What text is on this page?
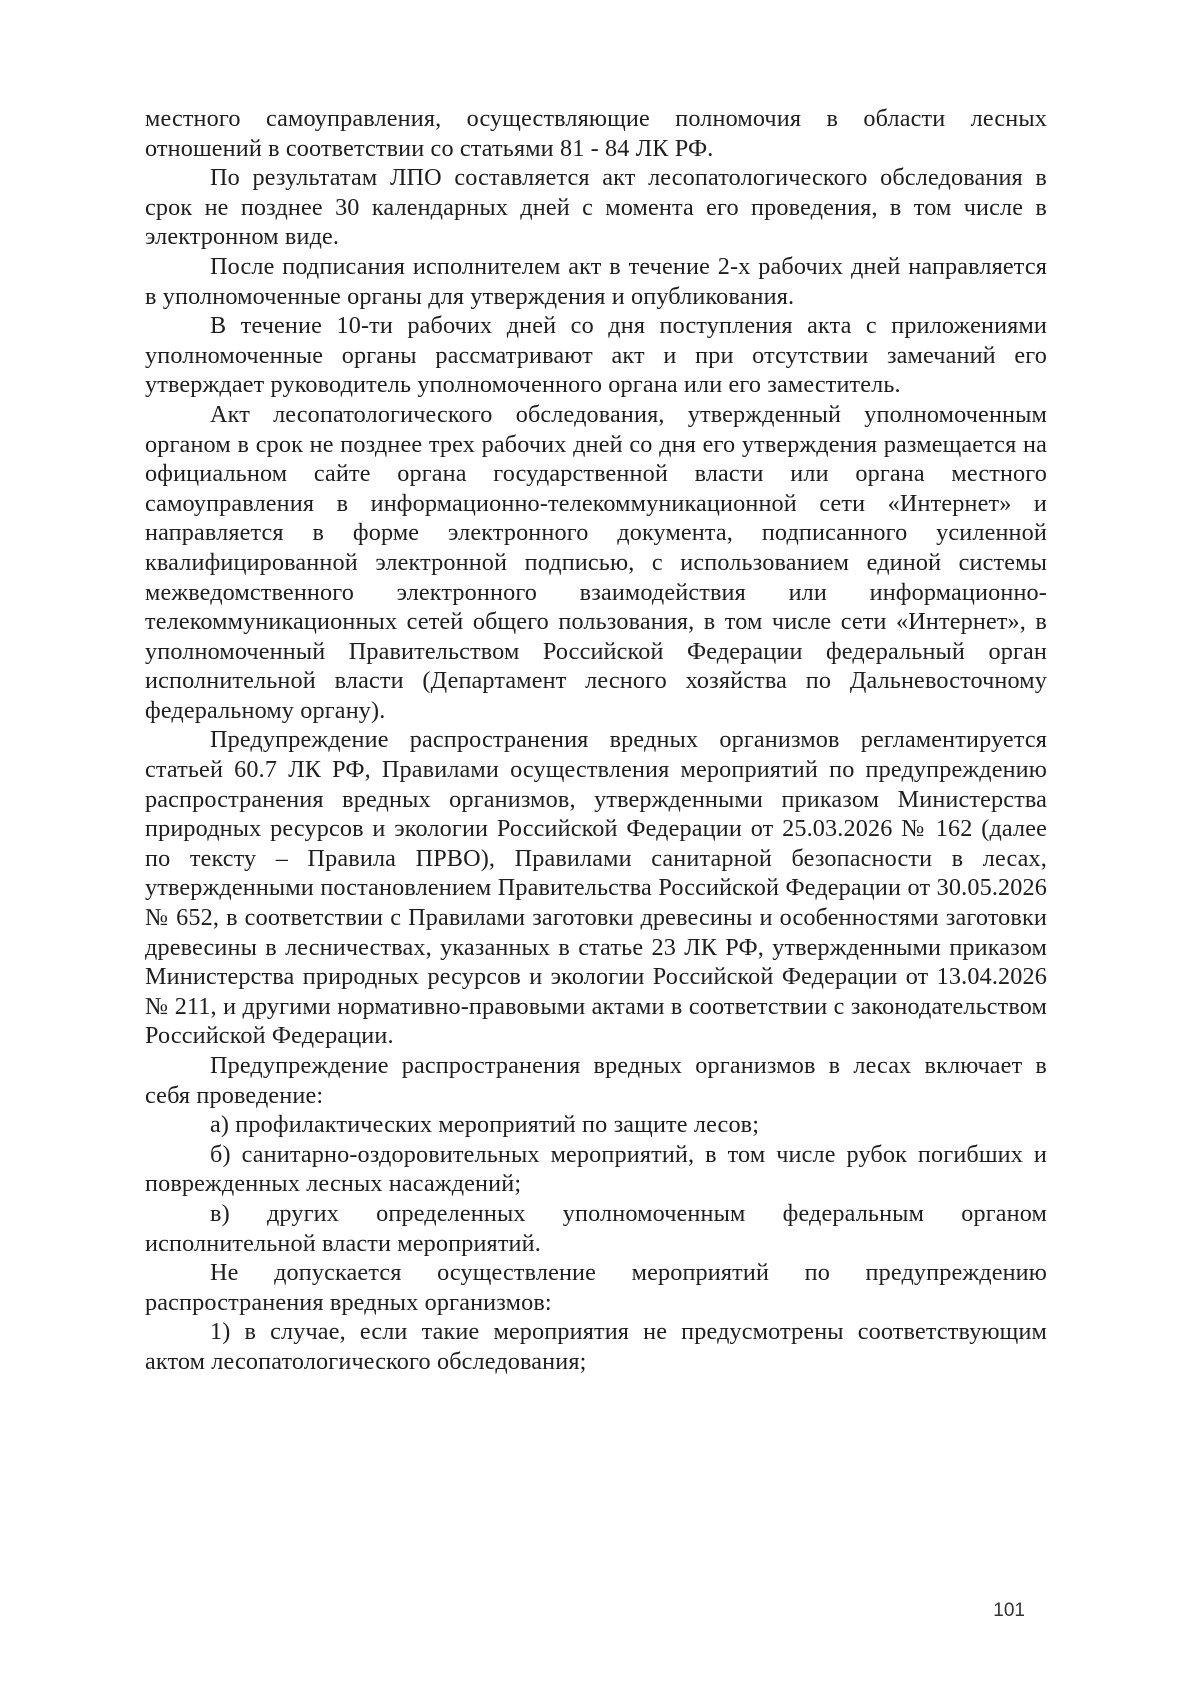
местного самоуправления, осуществляющие полномочия в области лесных отношений в соответствии со статьями 81 - 84 ЛК РФ.

По результатам ЛПО составляется акт лесопатологического обследования в срок не позднее 30 календарных дней с момента его проведения, в том числе в электронном виде.

После подписания исполнителем акт в течение 2-х рабочих дней направляется в уполномоченные органы для утверждения и опубликования.

В течение 10-ти рабочих дней со дня поступления акта с приложениями уполномоченные органы рассматривают акт и при отсутствии замечаний его утверждает руководитель уполномоченного органа или его заместитель.

Акт лесопатологического обследования, утвержденный уполномоченным органом в срок не позднее трех рабочих дней со дня его утверждения размещается на официальном сайте органа государственной власти или органа местного самоуправления в информационно-телекоммуникационной сети «Интернет» и направляется в форме электронного документа, подписанного усиленной квалифицированной электронной подписью, с использованием единой системы межведомственного электронного взаимодействия или информационно-телекоммуникационных сетей общего пользования, в том числе сети «Интернет», в уполномоченный Правительством Российской Федерации федеральный орган исполнительной власти (Департамент лесного хозяйства по Дальневосточному федеральному органу).

Предупреждение распространения вредных организмов регламентируется статьей 60.7 ЛК РФ, Правилами осуществления мероприятий по предупреждению распространения вредных организмов, утвержденными приказом Министерства природных ресурсов и экологии Российской Федерации от 25.03.2026 № 162 (далее по тексту – Правила ПРВО), Правилами санитарной безопасности в лесах, утвержденными постановлением Правительства Российской Федерации от 30.05.2026 № 652, в соответствии с Правилами заготовки древесины и особенностями заготовки древесины в лесничествах, указанных в статье 23 ЛК РФ, утвержденными приказом Министерства природных ресурсов и экологии Российской Федерации от 13.04.2026 № 211, и другими нормативно-правовыми актами в соответствии с законодательством Российской Федерации.

Предупреждение распространения вредных организмов в лесах включает в себя проведение:

а) профилактических мероприятий по защите лесов;

б) санитарно-оздоровительных мероприятий, в том числе рубок погибших и поврежденных лесных насаждений;

в) других определенных уполномоченным федеральным органом исполнительной власти мероприятий.

Не допускается осуществление мероприятий по предупреждению распространения вредных организмов:

1) в случае, если такие мероприятия не предусмотрены соответствующим актом лесопатологического обследования;

101
